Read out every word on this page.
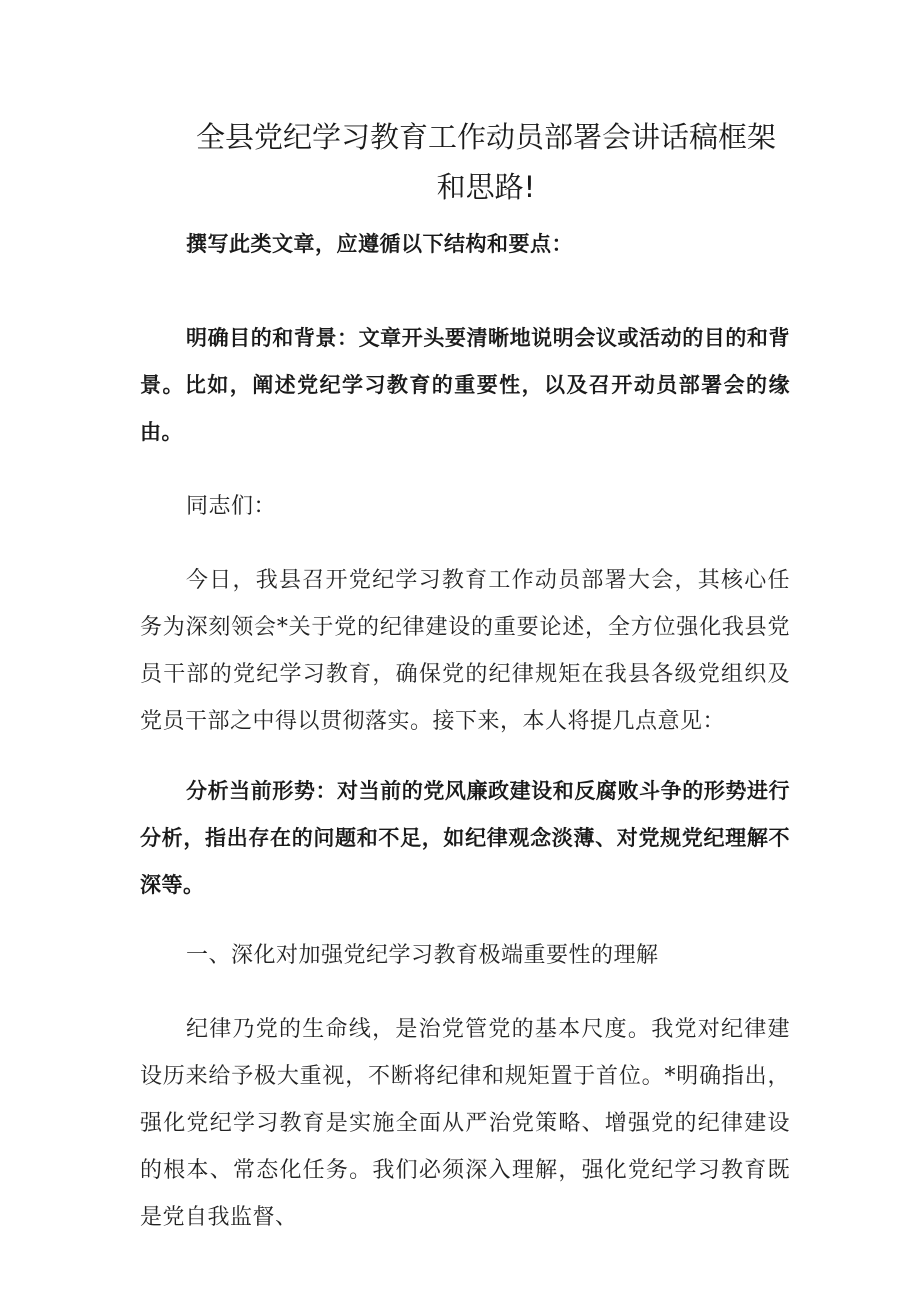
全县党纪学习教育工作动员部署会讲话稿框架和思路!

撰写此类文章，应遵循以下结构和要点：

明确目的和背景：文章开头要清晰地说明会议或活动的目的和背景。比如，阐述党纪学习教育的重要性，以及召开动员部署会的缘由。

同志们：

今日，我县召开党纪学习教育工作动员部署大会，其核心任务为深刻领会*关于党的纪律建设的重要论述，全方位强化我县党员干部的党纪学习教育，确保党的纪律规矩在我县各级党组织及党员干部之中得以贯彻落实。接下来，本人将提几点意见：

分析当前形势：对当前的党风廉政建设和反腐败斗争的形势进行分析，指出存在的问题和不足，如纪律观念淡薄、对党规党纪理解不深等。

一、深化对加强党纪学习教育极端重要性的理解

纪律乃党的生命线，是治党管党的基本尺度。我党对纪律建设历来给予极大重视，不断将纪律和规矩置于首位。*明确指出，强化党纪学习教育是实施全面从严治党策略、增强党的纪律建设的根本、常态化任务。我们必须深入理解，强化党纪学习教育既是党自我监督、
